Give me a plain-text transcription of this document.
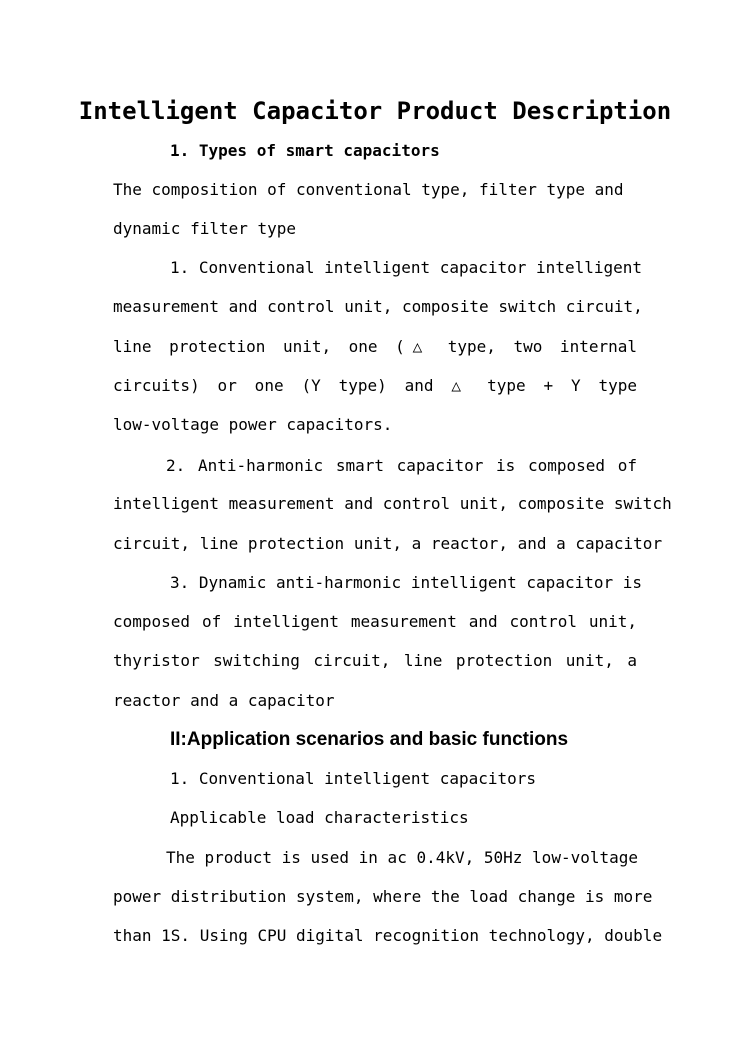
Intelligent Capacitor Product Description
1. Types of smart capacitors
The composition of conventional type, filter type and
dynamic filter type
1. Conventional intelligent capacitor intelligent
measurement and control unit, composite switch circuit,
line protection unit, one (△ type, two internal
circuits) or one (Y type) and △ type + Y type
low-voltage power capacitors.
2. Anti-harmonic smart capacitor is composed of
intelligent measurement and control unit, composite switch
circuit, line protection unit, a reactor, and a capacitor
3. Dynamic anti-harmonic intelligent capacitor is
composed of intelligent measurement and control unit,
thyristor switching circuit, line protection unit, a
reactor and a capacitor
II:Application scenarios and basic functions
1. Conventional intelligent capacitors
Applicable load characteristics
The product is used in ac 0.4kV, 50Hz low-voltage
power distribution system, where the load change is more
than 1S. Using CPU digital recognition technology, double
